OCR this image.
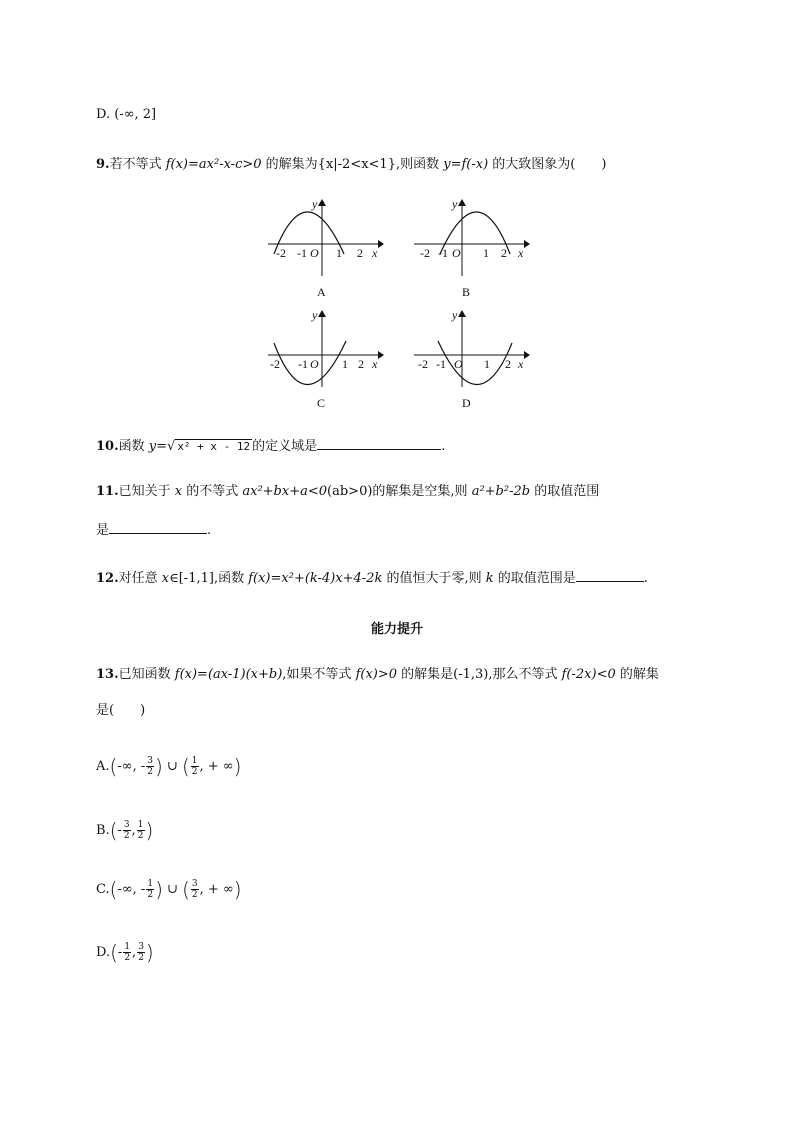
D. (-∞, 2]
9.若不等式 f(x)=ax²-x-c>0 的解集为{x|-2<x<1},则函数 y=f(-x) 的大致图象为(　　)
-2 -1 O 1 2 x
y
A
-2 -1 O 1 2 x
y
B
-2 -1 O 1 2 x
y
C
-2 -1 O 1 2 x
y
D
10.函数 y=√ x² + x - 12 的定义域是	.
11.已知关于 x 的不等式 ax²+bx+a<0(ab>0)的解集是空集,则 a²+b²-2b 的取值范围
是	.
12.对任意 x∈[-1,1],函数 f(x)=x²+(k-4)x+4-2k 的值恒大于零,则 k 的取值范围是	.
能力提升
13.已知函数 f(x)=(ax-1)(x+b),如果不等式 f(x)>0 的解集是(-1,3),那么不等式 f(-2x)<0 的解集
是(　　)
A.(-∞, - $\frac{3}{2}$ ) ∪ ( $\frac{1}{2}$ , + ∞)
$B.(- \frac{3}{2}$ , $\frac{1}{2}$ )
C.(-∞, - $\frac{1}{2}$ ) ∪ ( $\frac{3}{2}$ , + ∞)
$D.(- \frac{1}{2}$ , $\frac{3}{2}$ )
